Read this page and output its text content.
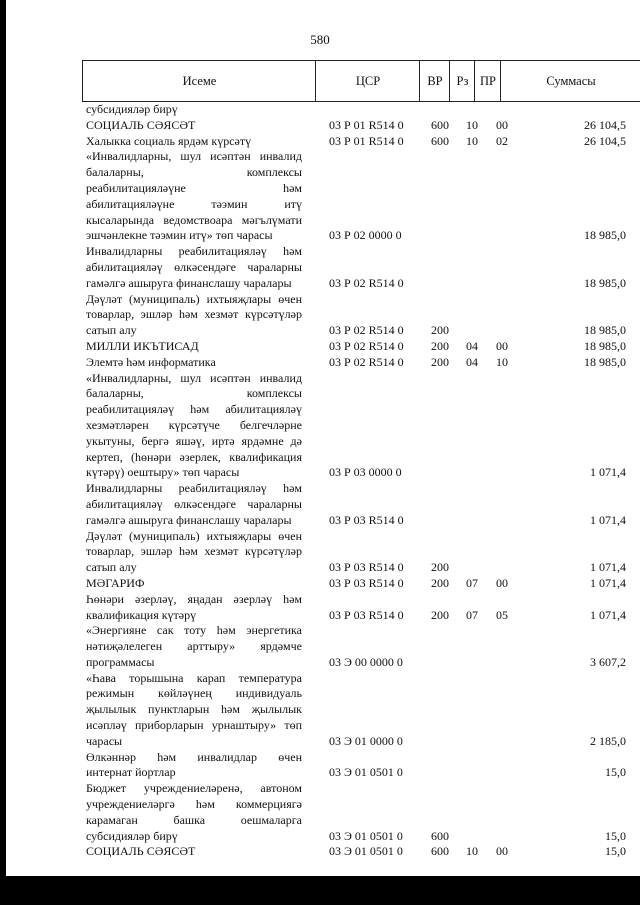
580
Исеме	ЦСР	ВР	Рз ПР	Суммасы
субсидияләр бирү
СОЦИАЛЬ СӘЯСӘТ	03 Р 01 R514 0	600	10	00	26 104,5
Халыкка социаль ярдәм күрсәтү	03 Р 01 R514 0	600	10	02	26 104,5
«Инвалидларны, шул исәптән инвалид
балаларны, комплексы
реабилитацияләүне һәм
абилитацияләүне тәэмин итү
кысаларында ведомствоара мәгълүмати
эшчәнлекне тәэмин итү» төп чарасы	03 Р 02 0000 0	18 985,0
Инвалидларны реабилитацияләү һәм
абилитацияләү өлкәсендәге чараларны
гамәлгә ашыруга финанслашу чаралары	03 Р 02 R514 0	18 985,0
Дәүләт (муниципаль) ихтыяҗлары өчен
товарлар, эшләр һәм хезмәт күрсәтүләр
сатып алу	03 Р 02 R514 0	200	18 985,0
МИЛЛИ ИКЪТИСАД	03 Р 02 R514 0	200	04	00	18 985,0
Элемтә һәм информатика	03 Р 02 R514 0	200	04	10	18 985,0
«Инвалидларны, шул исәптән инвалид
балаларны, комплексы
реабилитацияләү һәм абилитацияләү
хезмәтләрен күрсәтүче белгечләрне
укытуны, бергә яшәү, иртә ярдәмне дә
кертеп, (һөнәри әзерлек, квалификация
күтәрү) оештыру» төп чарасы	03 Р 03 0000 0	1 071,4
Инвалидларны реабилитацияләү һәм
абилитацияләү өлкәсендәге чараларны
гамәлгә ашыруга финанслашу чаралары	03 Р 03 R514 0	1 071,4
Дәүләт (муниципаль) ихтыяҗлары өчен
товарлар, эшләр һәм хезмәт күрсәтүләр
сатып алу	03 Р 03 R514 0	200	1 071,4
МӘГАРИФ	03 Р 03 R514 0	200	07	00	1 071,4
Һөнәри әзерләү, яңадан әзерләү һәм
квалификация күтәрү	03 Р 03 R514 0	200	07	05	1 071,4
«Энергияне сак тоту һәм энергетика
нәтиҗәлелеген арттыру» ярдәмче
программасы	03 Э 00 0000 0	3 607,2
«Һава торышына карап температура
режимын көйләүнең индивидуаль
җылылык пунктларын һәм җылылык
исәпләү приборларын урнаштыру» төп
чарасы	03 Э 01 0000 0	2 185,0
Өлкәннәр һәм инвалидлар өчен
интернат йортлар	03 Э 01 0501 0	15,0
Бюджет учреждениеләренә, автоном
учреждениеләргә һәм коммерциягә
карамаган башка оешмаларга
субсидияләр бирү	03 Э 01 0501 0	600	15,0
СОЦИАЛЬ СӘЯСӘТ	03 Э 01 0501 0	600	10	00	15,0
